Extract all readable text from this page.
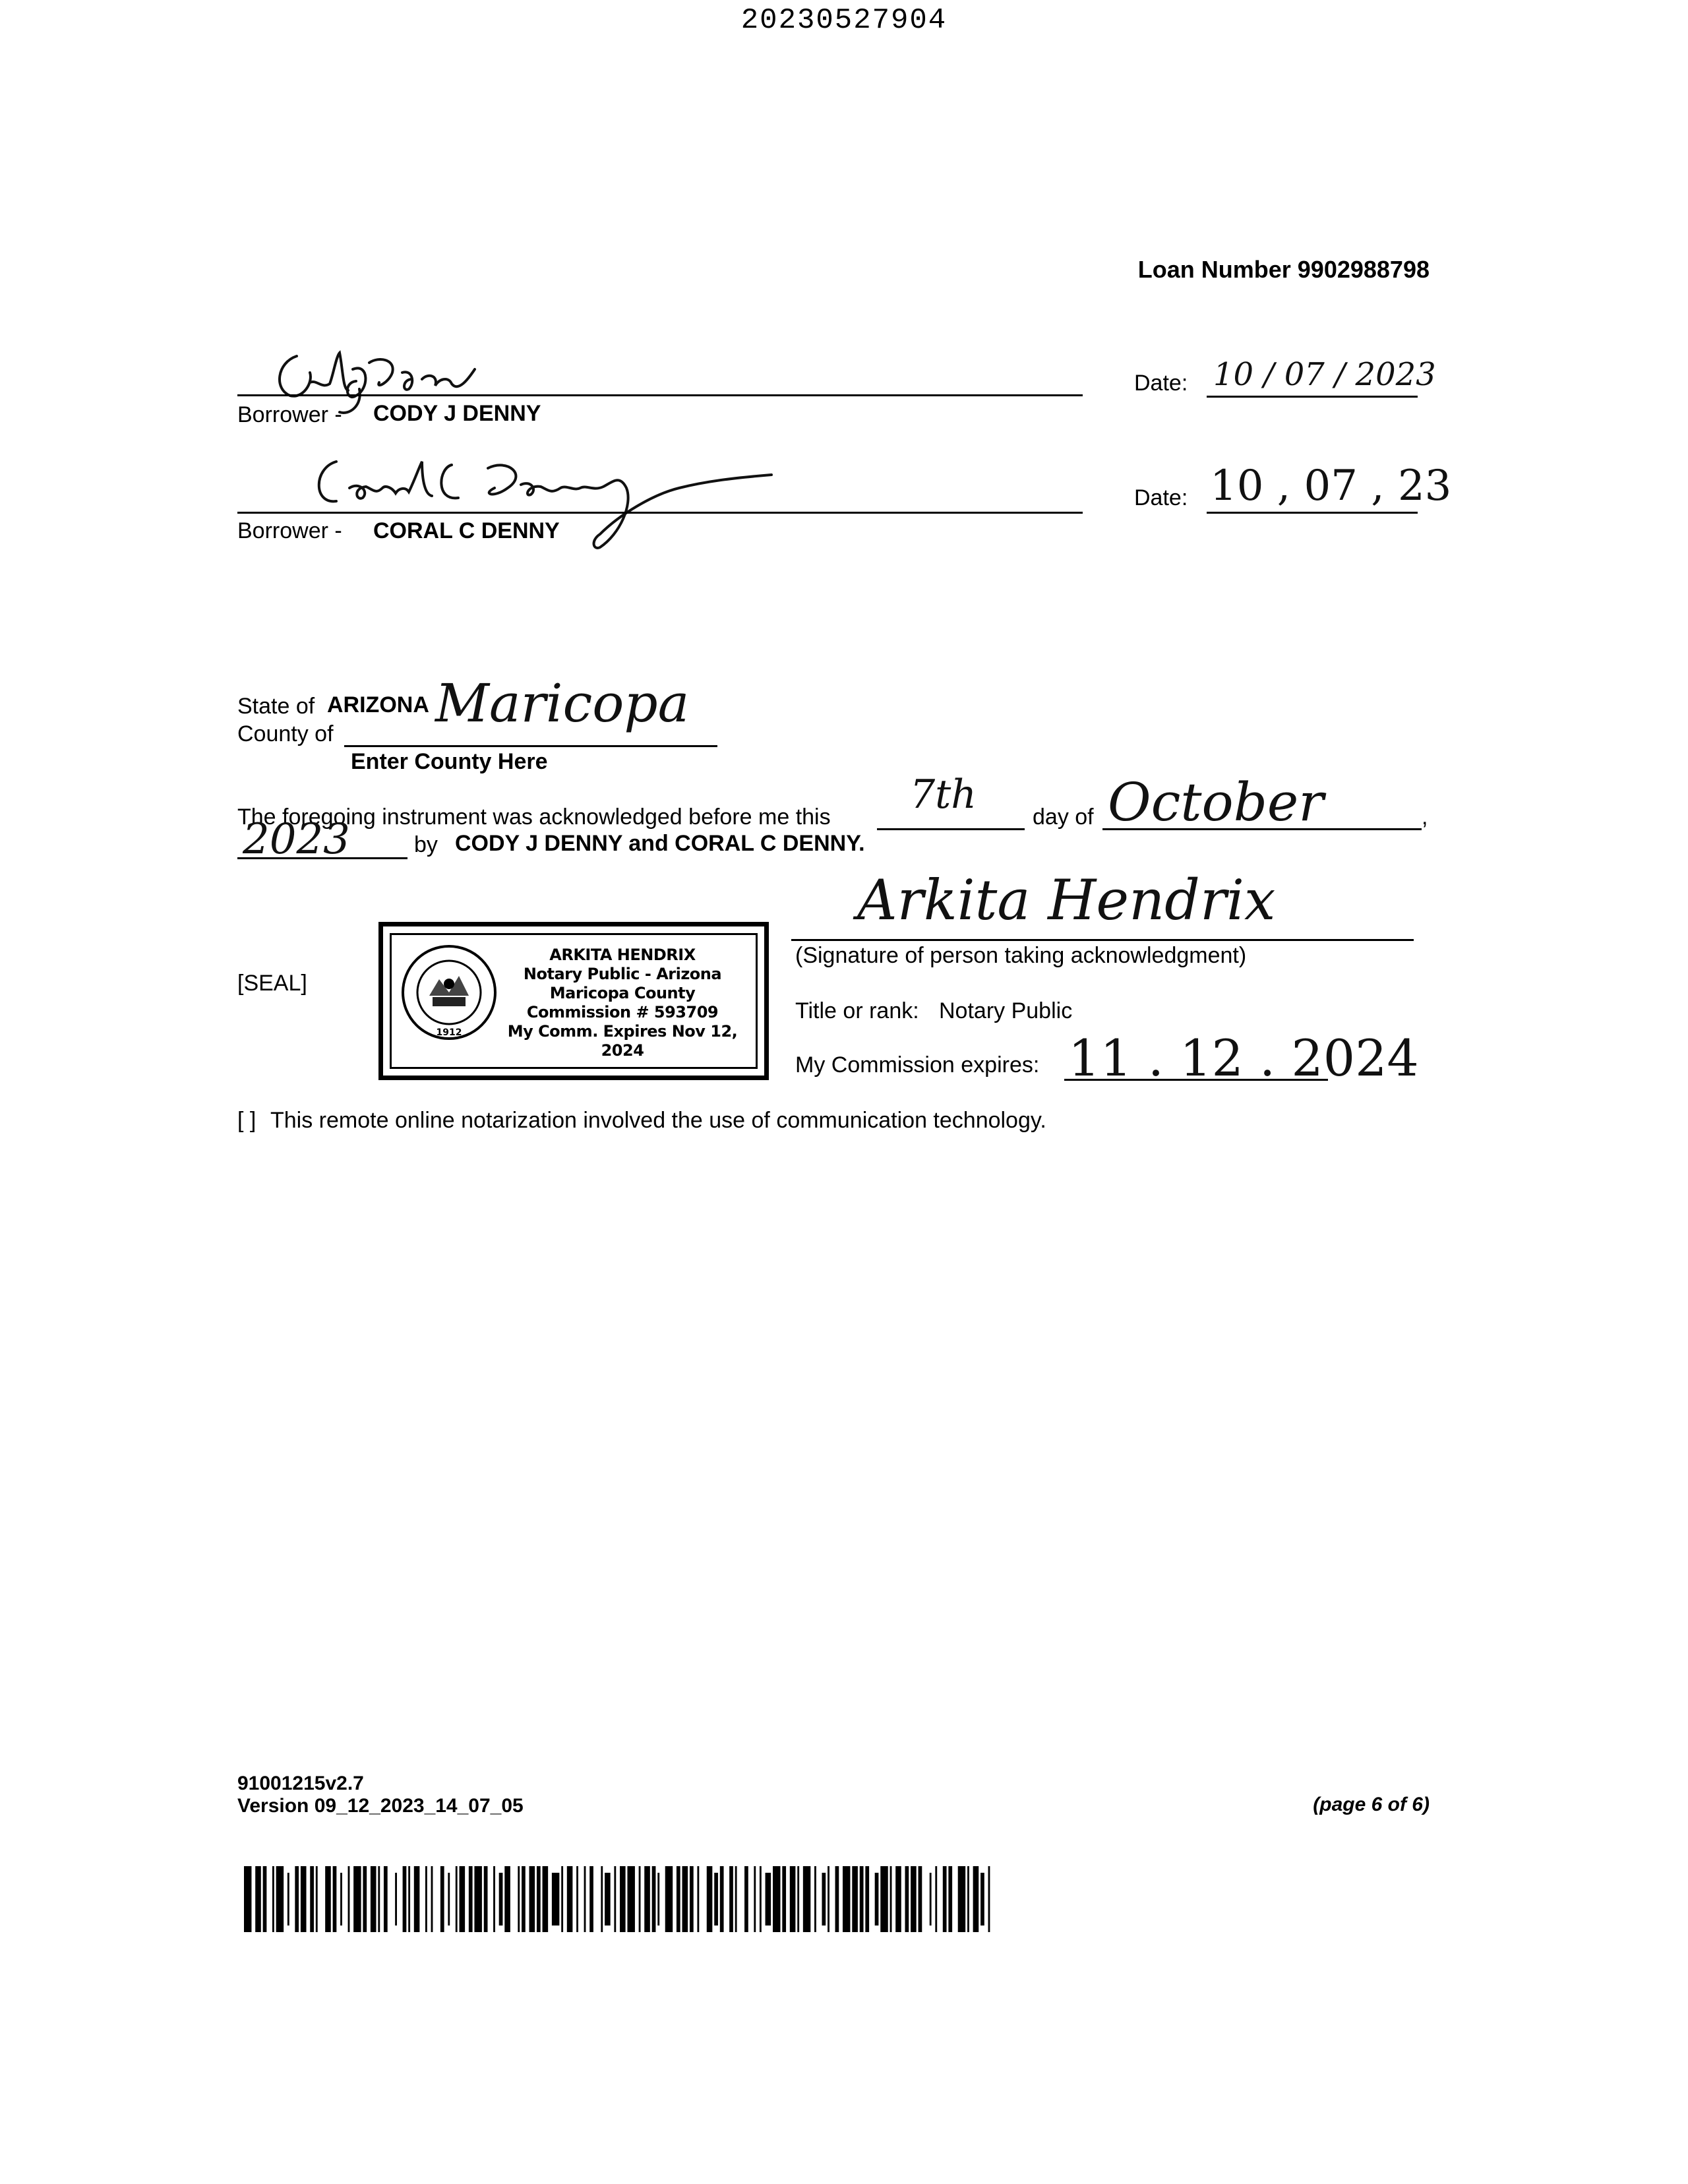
20230527904
Loan Number 9902988798
Borrower - CODY J DENNY
Date: 10 / 07 / 2023
Borrower - CORAL C DENNY
Date: 10 , 07 , 23
State of ARIZONA
County of Maricopa
Enter County Here
The foregoing instrument was acknowledged before me this 7th	day of October	,
2023	by CODY J DENNY and CORAL C DENNY.
Arkita Hendrix
(Signature of person taking acknowledgment)
[SEAL]
1912
ARKITA HENDRIX
Notary Public - Arizona
Maricopa County
Commission # 593709
My Comm. Expires Nov 12, 2024
Title or rank: Notary Public
My Commission expires: 11 . 12 . 2024
[ ] This remote online notarization involved the use of communication technology.
91001215v2.7
Version 09_12_2023_14_07_05	(page 6 of 6)
